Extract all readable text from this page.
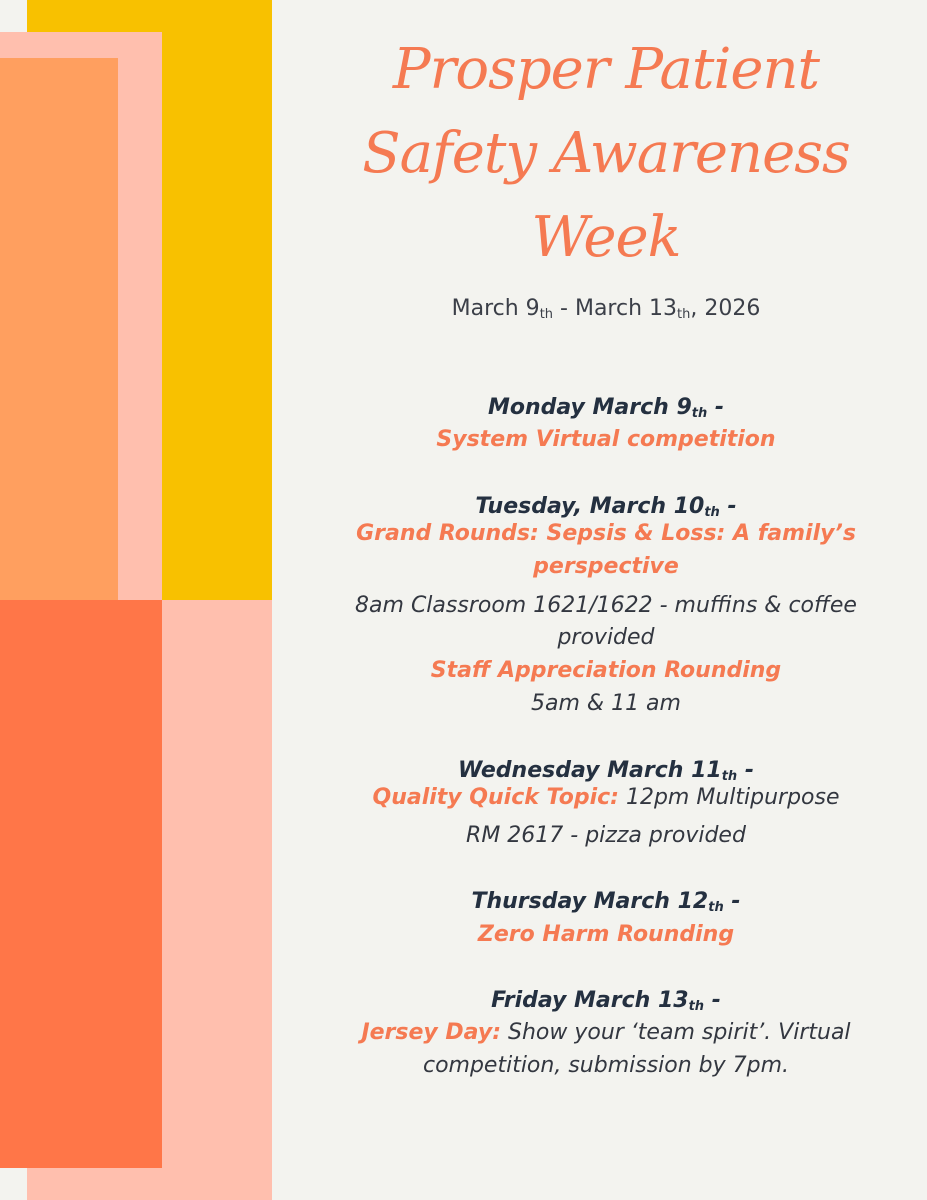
Prosper Patient
Safety Awareness
Week
March $9_{th}$ - March $13_{th}$, 2026
Monday March $9_{th}$ -
System Virtual competition
Tuesday, March $10_{th}$ -
Grand Rounds: Sepsis & Loss: A family’s
perspective
8am Classroom 1621/1622 - muffins & coffee
provided
Staff Appreciation Rounding
5am & 11 am
Wednesday March $11_{th}$ -
Quality Quick Topic: 12pm Multipurpose
RM 2617 - pizza provided
Thursday March $12_{th}$ -
Zero Harm Rounding
Friday March $13_{th}$ -
Jersey Day: Show your ‘team spirit’. Virtual
competition, submission by 7pm.
